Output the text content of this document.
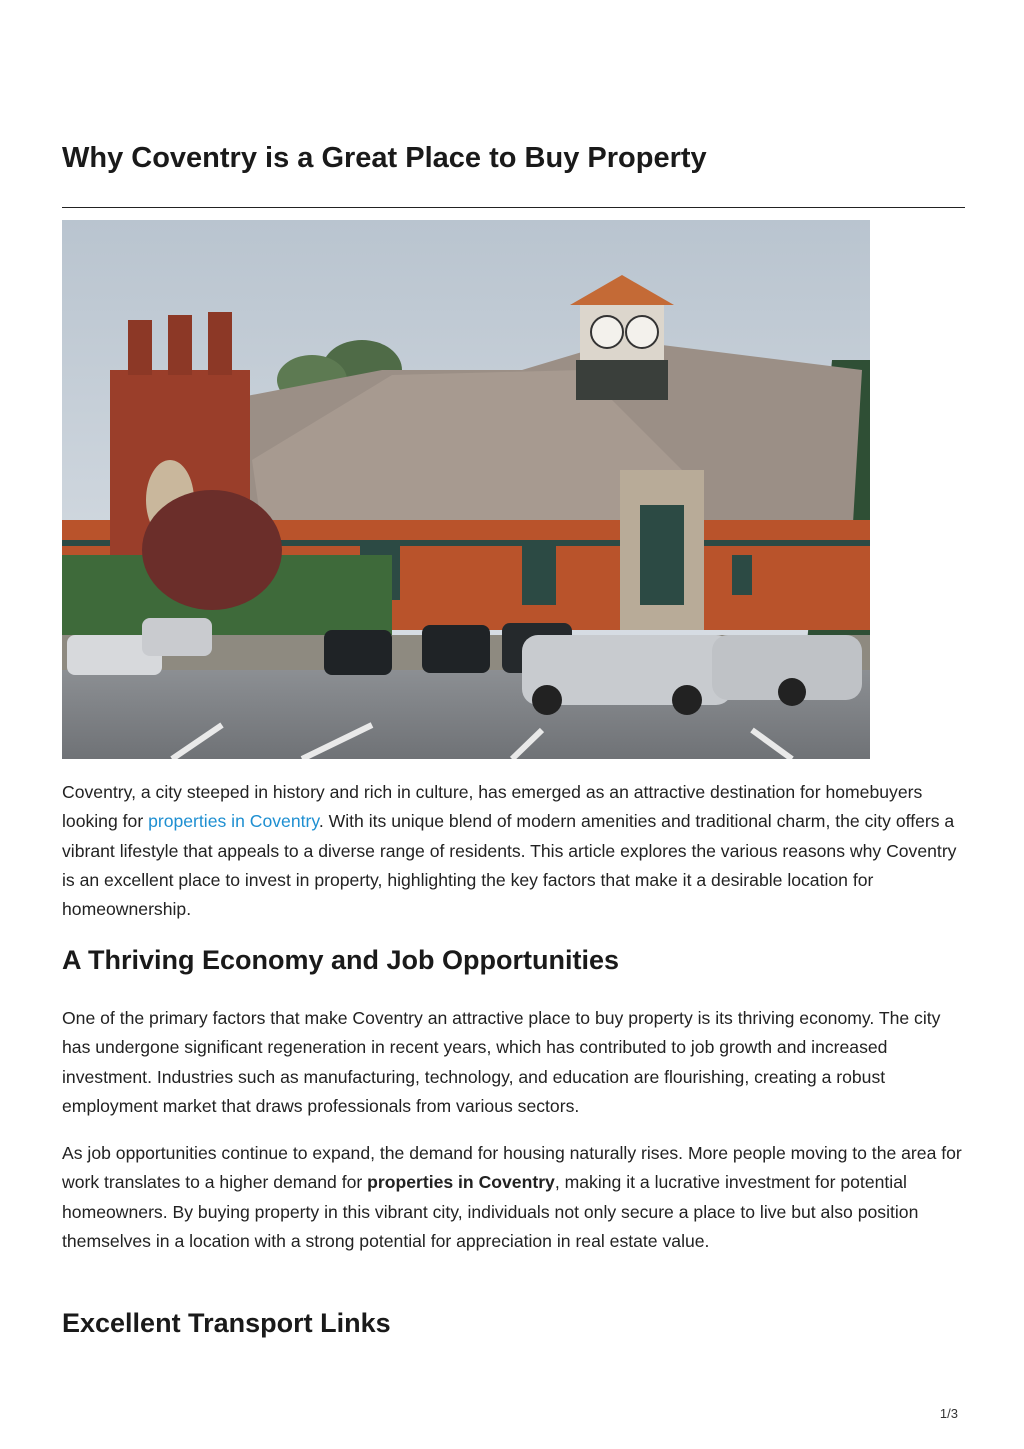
Why Coventry is a Great Place to Buy Property

Coventry, a city steeped in history and rich in culture, has emerged as an attractive destination for homebuyers looking for properties in Coventry. With its unique blend of modern amenities and traditional charm, the city offers a vibrant lifestyle that appeals to a diverse range of residents. This article explores the various reasons why Coventry is an excellent place to invest in property, highlighting the key factors that make it a desirable location for homeownership.

A Thriving Economy and Job Opportunities

One of the primary factors that make Coventry an attractive place to buy property is its thriving economy. The city has undergone significant regeneration in recent years, which has contributed to job growth and increased investment. Industries such as manufacturing, technology, and education are flourishing, creating a robust employment market that draws professionals from various sectors.

As job opportunities continue to expand, the demand for housing naturally rises. More people moving to the area for work translates to a higher demand for properties in Coventry, making it a lucrative investment for potential homeowners. By buying property in this vibrant city, individuals not only secure a place to live but also position themselves in a location with a strong potential for appreciation in real estate value.

Excellent Transport Links
1/3
